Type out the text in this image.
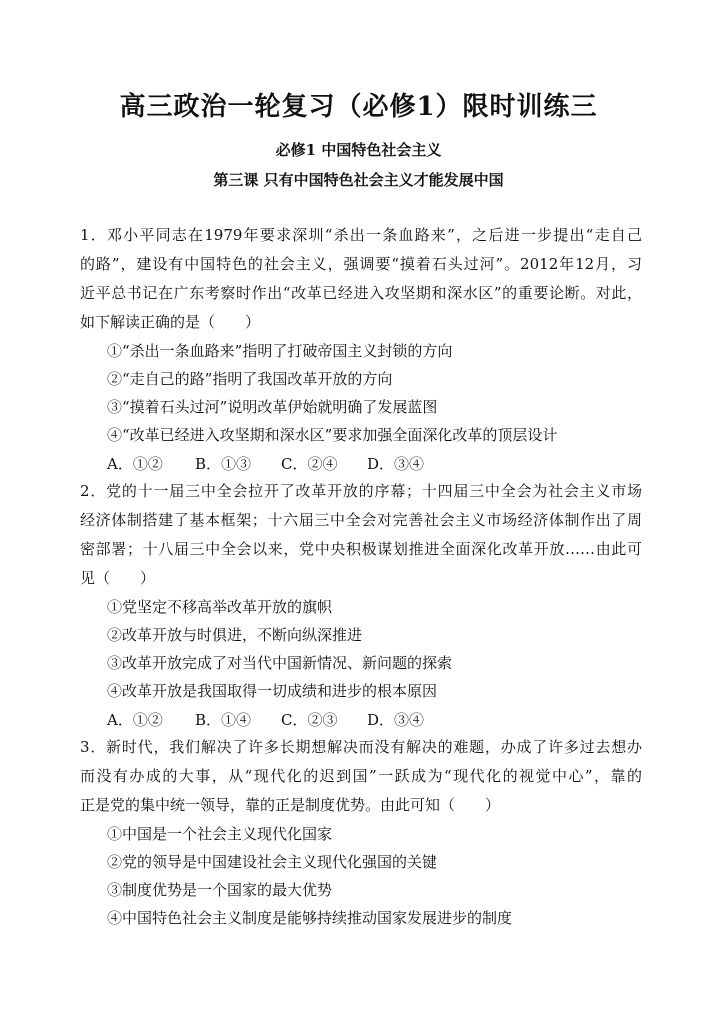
高三政治一轮复习（必修1）限时训练三
必修1 中国特色社会主义
第三课 只有中国特色社会主义才能发展中国
1．邓小平同志在1979年要求深圳“杀出一条血路来”，之后进一步提出“走自己
的路”，建设有中国特色的社会主义，强调要“摸着石头过河”。2012年12月，习
近平总书记在广东考察时作出“改革已经进入攻坚期和深水区”的重要论断。对此，
如下解读正确的是（　　）
①“杀出一条血路来”指明了打破帝国主义封锁的方向
②“走自己的路”指明了我国改革开放的方向
③“摸着石头过河”说明改革伊始就明确了发展蓝图
④“改革已经进入攻坚期和深水区”要求加强全面深化改革的顶层设计
A．①②	B．①③	C．②④	D．③④
2．党的十一届三中全会拉开了改革开放的序幕；十四届三中全会为社会主义市场
经济体制搭建了基本框架；十六届三中全会对完善社会主义市场经济体制作出了周
密部署；十八届三中全会以来，党中央积极谋划推进全面深化改革开放……由此可
见（　　）
①党坚定不移高举改革开放的旗帜
②改革开放与时俱进，不断向纵深推进
③改革开放完成了对当代中国新情况、新问题的探索
④改革开放是我国取得一切成绩和进步的根本原因
A．①②	B．①④	C．②③	D．③④
3．新时代，我们解决了许多长期想解决而没有解决的难题，办成了许多过去想办
而没有办成的大事，从“现代化的迟到国”一跃成为“现代化的视觉中心”，靠的
正是党的集中统一领导，靠的正是制度优势。由此可知（　　）
①中国是一个社会主义现代化国家
②党的领导是中国建设社会主义现代化强国的关键
③制度优势是一个国家的最大优势
④中国特色社会主义制度是能够持续推动国家发展进步的制度
